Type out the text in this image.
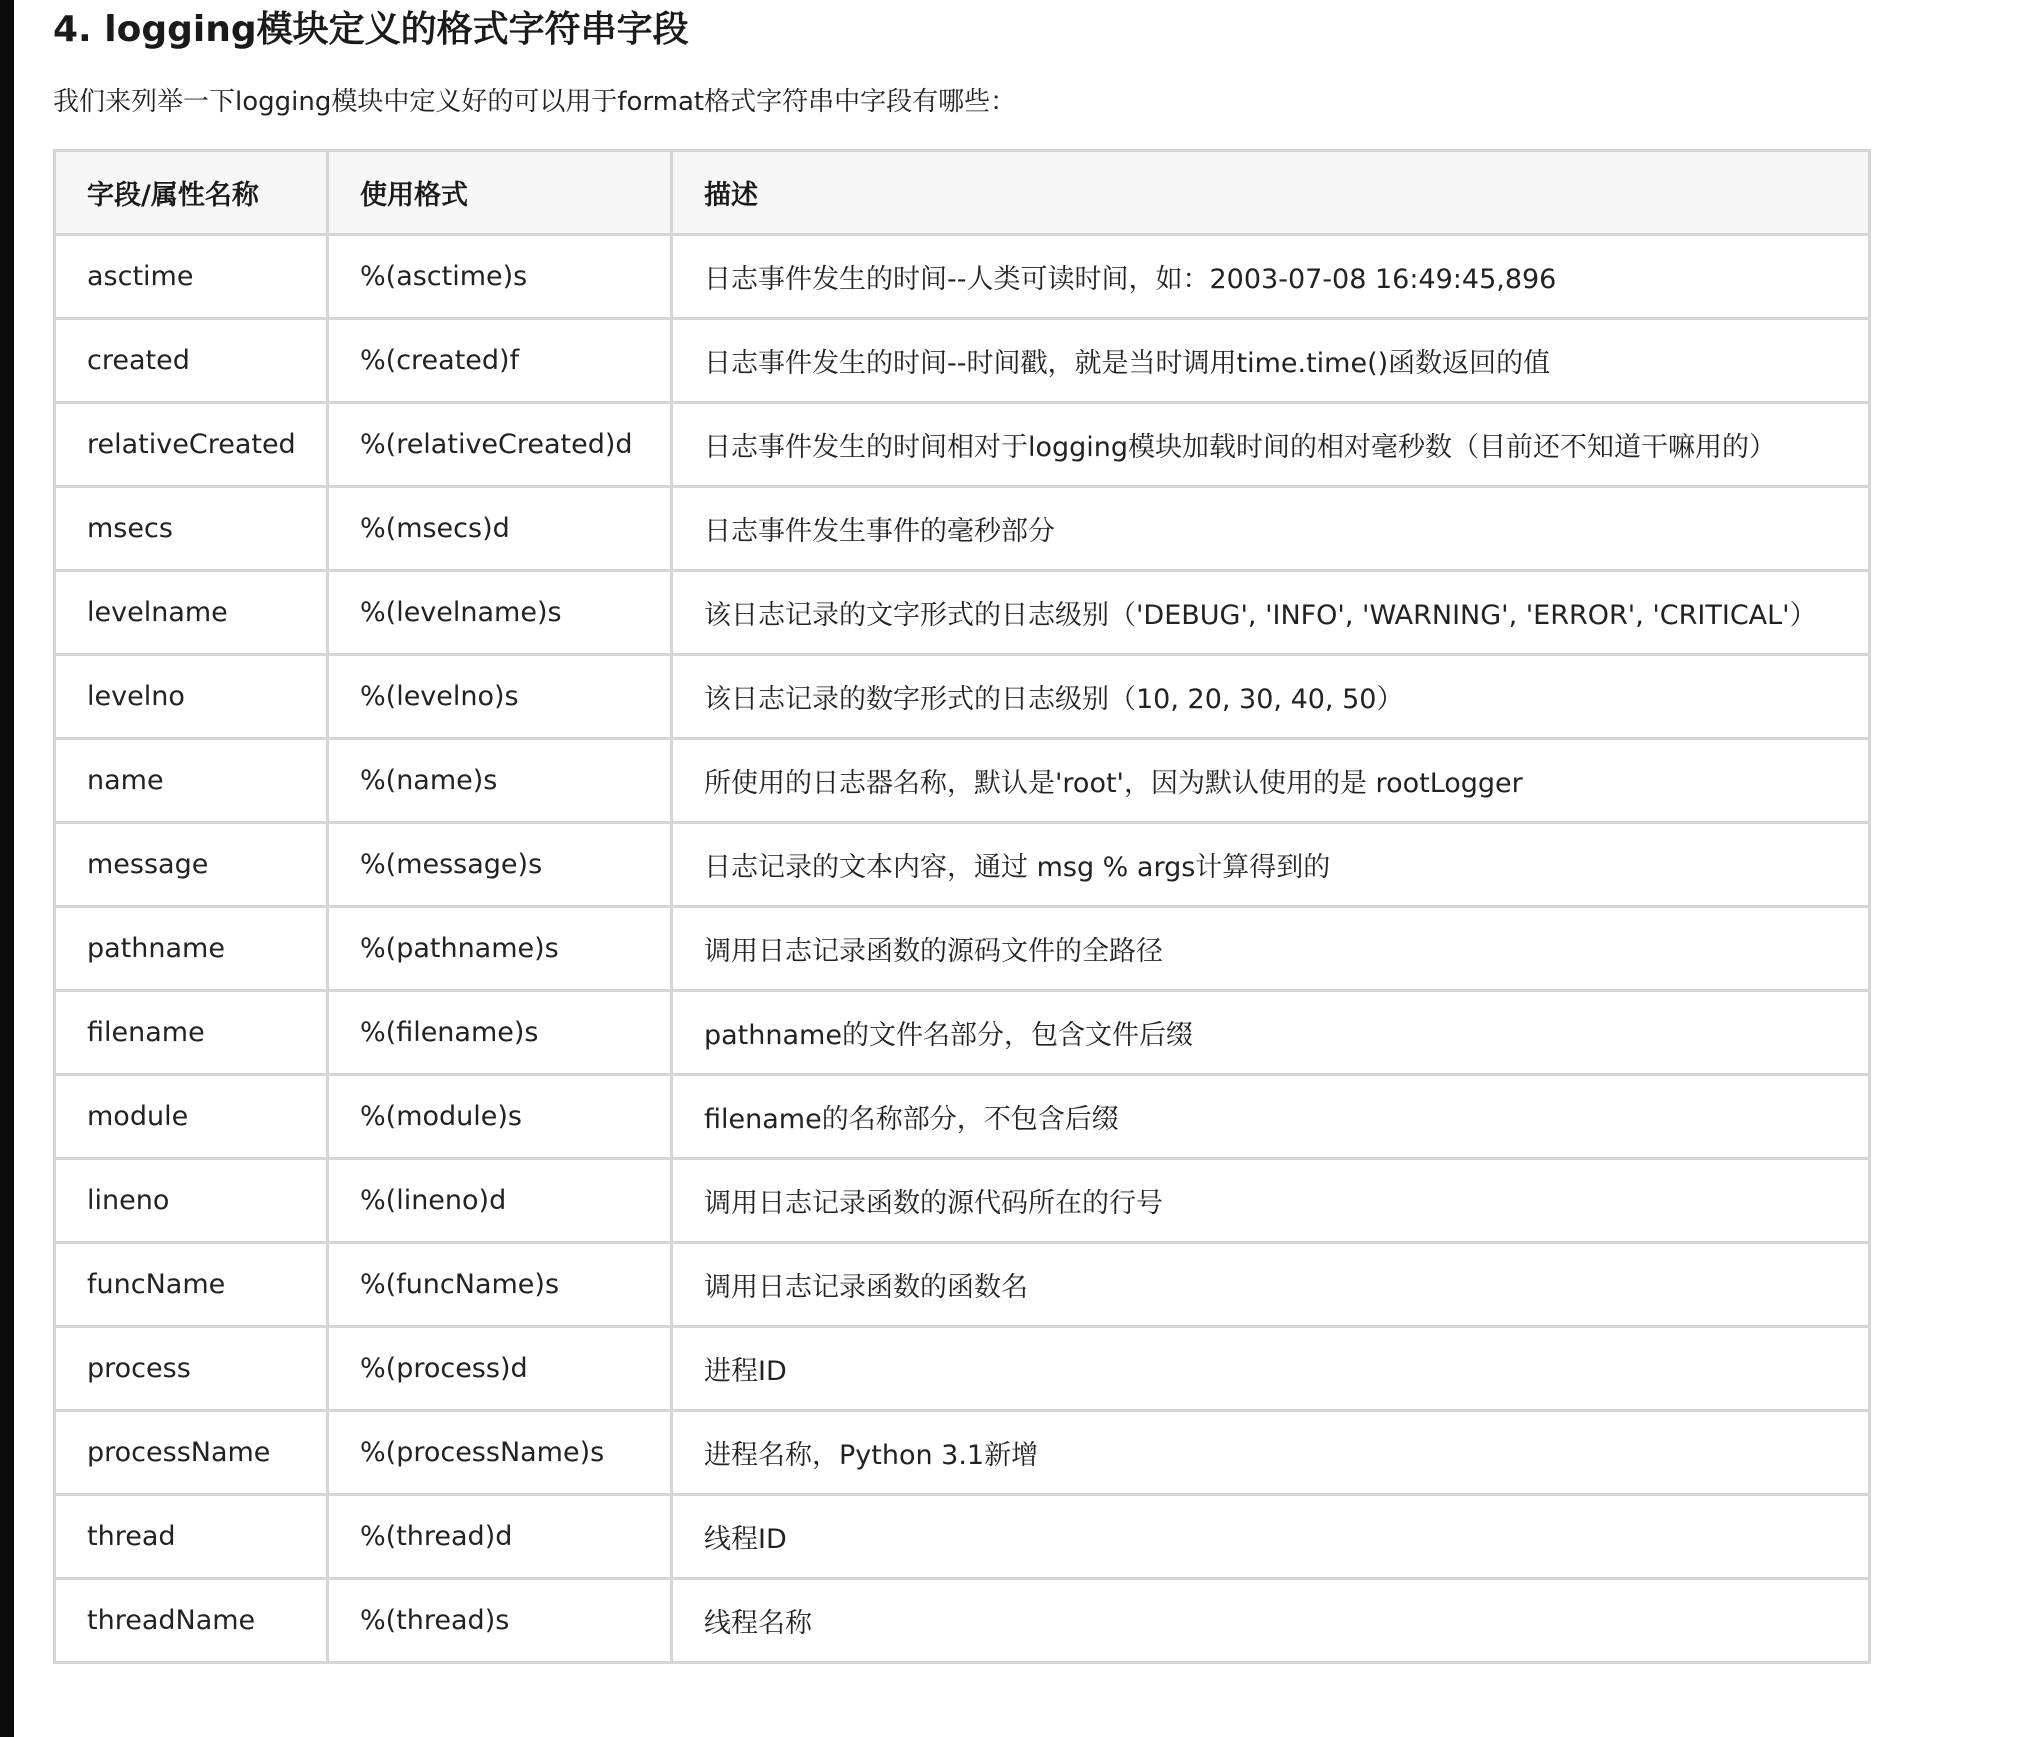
4. logging模块定义的格式字符串字段

我们来列举一下logging模块中定义好的可以用于format格式字符串中字段有哪些：

字段/属性名称	使用格式	描述
asctime	%(asctime)s	日志事件发生的时间--人类可读时间，如：2003-07-08 16:49:45,896
created	%(created)f	日志事件发生的时间--时间戳，就是当时调用time.time()函数返回的值
relativeCreated	%(relativeCreated)d	日志事件发生的时间相对于logging模块加载时间的相对毫秒数（目前还不知道干嘛用的）
msecs	%(msecs)d	日志事件发生事件的毫秒部分
levelname	%(levelname)s	该日志记录的文字形式的日志级别（'DEBUG', 'INFO', 'WARNING', 'ERROR', 'CRITICAL'）
levelno	%(levelno)s	该日志记录的数字形式的日志级别（10, 20, 30, 40, 50）
name	%(name)s	所使用的日志器名称，默认是'root'，因为默认使用的是 rootLogger
message	%(message)s	日志记录的文本内容，通过 msg % args计算得到的
pathname	%(pathname)s	调用日志记录函数的源码文件的全路径
filename	%(filename)s	pathname的文件名部分，包含文件后缀
module	%(module)s	filename的名称部分，不包含后缀
lineno	%(lineno)d	调用日志记录函数的源代码所在的行号
funcName	%(funcName)s	调用日志记录函数的函数名
process	%(process)d	进程ID
processName	%(processName)s	进程名称，Python 3.1新增
thread	%(thread)d	线程ID
threadName	%(thread)s	线程名称
